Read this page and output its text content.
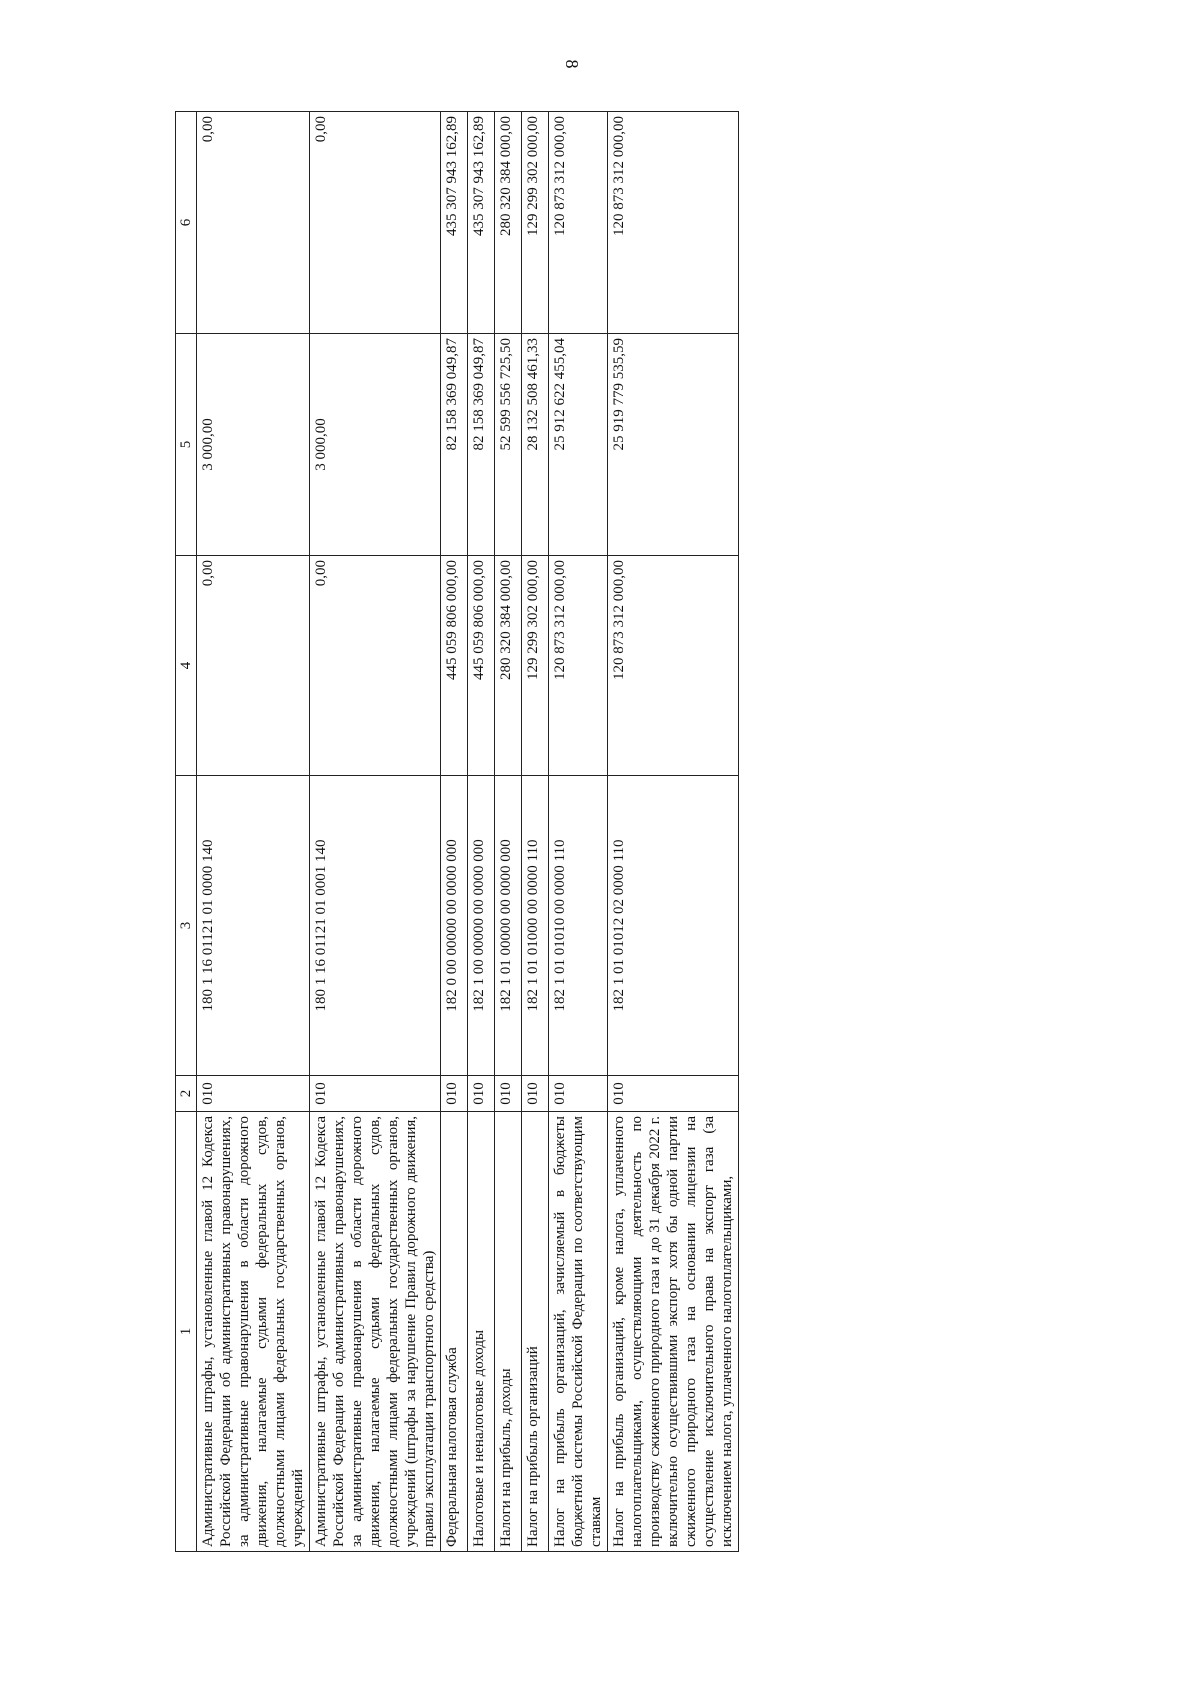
8
1	2	3	4	5	6
Административные штрафы, установленные главой 12 Кодекса Российской Федерации об административных правонарушениях, за административные правонарушения в области дорожного движения, налагаемые судьями федеральных судов, должностными лицами федеральных государственных органов, учреждений	010	180 1 16 01121 01 0000 140	0,00	3 000,00	0,00
Административные штрафы, установленные главой 12 Кодекса Российской Федерации об административных правонарушениях, за административные правонарушения в области дорожного движения, налагаемые судьями федеральных судов, должностными лицами федеральных государственных органов, учреждений (штрафы за нарушение Правил дорожного движения, правил эксплуатации транспортного средства)	010	180 1 16 01121 01 0001 140	0,00	3 000,00	0,00
Федеральная налоговая служба	010	182 0 00 00000 00 0000 000	445 059 806 000,00	82 158 369 049,87	435 307 943 162,89
Налоговые и неналоговые доходы	010	182 1 00 00000 00 0000 000	445 059 806 000,00	82 158 369 049,87	435 307 943 162,89
Налоги на прибыль, доходы	010	182 1 01 00000 00 0000 000	280 320 384 000,00	52 599 556 725,50	280 320 384 000,00
Налог на прибыль организаций	010	182 1 01 01000 00 0000 110	129 299 302 000,00	28 132 508 461,33	129 299 302 000,00
Налог на прибыль организаций, зачисляемый в бюджеты бюджетной системы Российской Федерации по соответствующим ставкам	010	182 1 01 01010 00 0000 110	120 873 312 000,00	25 912 622 455,04	120 873 312 000,00
Налог на прибыль организаций, кроме налога, уплаченного налогоплательщиками, осуществляющими деятельность по производству сжиженного природного газа и до 31 декабря 2022 г. включительно осуществившими экспорт хотя бы одной партии сжиженного природного газа на основании лицензии на осуществление исключительного права на экспорт газа (за исключением налога, уплаченного налогоплательщиками,	010	182 1 01 01012 02 0000 110	120 873 312 000,00	25 919 779 535,59	120 873 312 000,00
